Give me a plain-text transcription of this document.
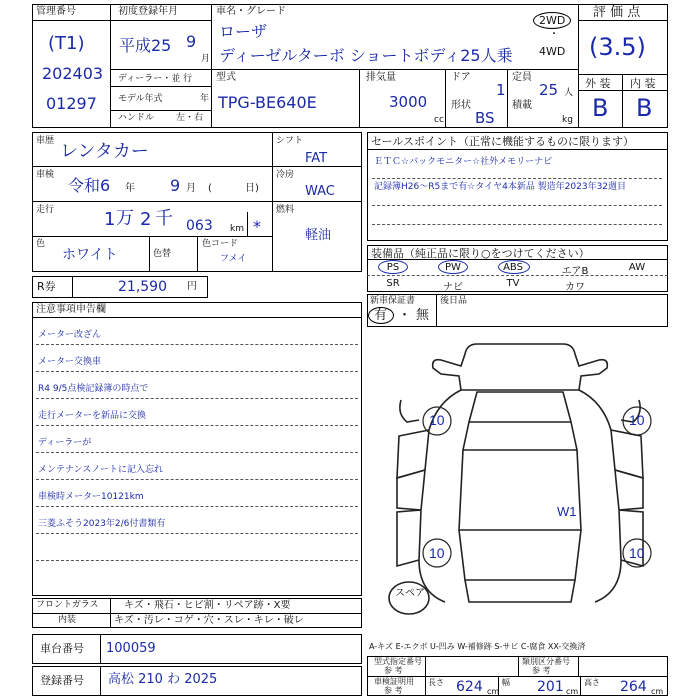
管理番号
(T1)
202403
01297
初度登録年月
平成25 9
月
車名・グレード
ローザ
ディーゼルターボ ショートボディ25人乗
2WD
・
4WD
評 価 点
(3.5)
外 装 内 装
B B
ディーラー・並 行
モデル年式	年
ハンドル 左・右
型式
TPG-BE640E
排気量
3000
cc
ドア
1
形状
BS
定員
25 人
積載
kg
車歴 レンタカー
車検
令和6 年 9 月 (	日)
走行	1 万 2 千 063 km *
色
ホワイト	色替
色コード
フメイ
シフト
FAT
冷房
WAC
燃料
軽油
R券	21,590 円
セールスポイント（正常に機能するものに限ります）
ＥＴＣ☆バックモニター☆社外メモリーナビ
記録簿H26～R5まで有☆タイヤ4本新品 製造年2023年32週目
装備品（純正品に限り○をつけてください）
PS	PW	ABS	エアB	AW
SR	ナビ	TV	カワ
新車保証書
有 ・ 無
後日品
注意事項申告欄
メーター改ざん
メーター交換車
R4 9/5点検記録簿の時点で
走行メーターを新品に交換
ディーラーが
メンテナンスノートに記入忘れ
車検時メーター10121km
三菱ふそう2023年2/6付書類有
10	10
10	10
W1
スペア
フロントガラス	キズ・飛石・ヒビ割・リペア跡・X要
内装	キズ・汚レ・コゲ・穴・スレ・キレ・破レ
車台番号 100059
登録番号 高松 210 わ 2025
A-キズ E-エクボ U-凹み W-補修跡 S-サビ C-腐食 XX-交換済
型式指定番号
参 考
類別区分番号
参 考
車検証明用
参 考
長さ 624 cm
幅 201 cm
高さ 264 cm
